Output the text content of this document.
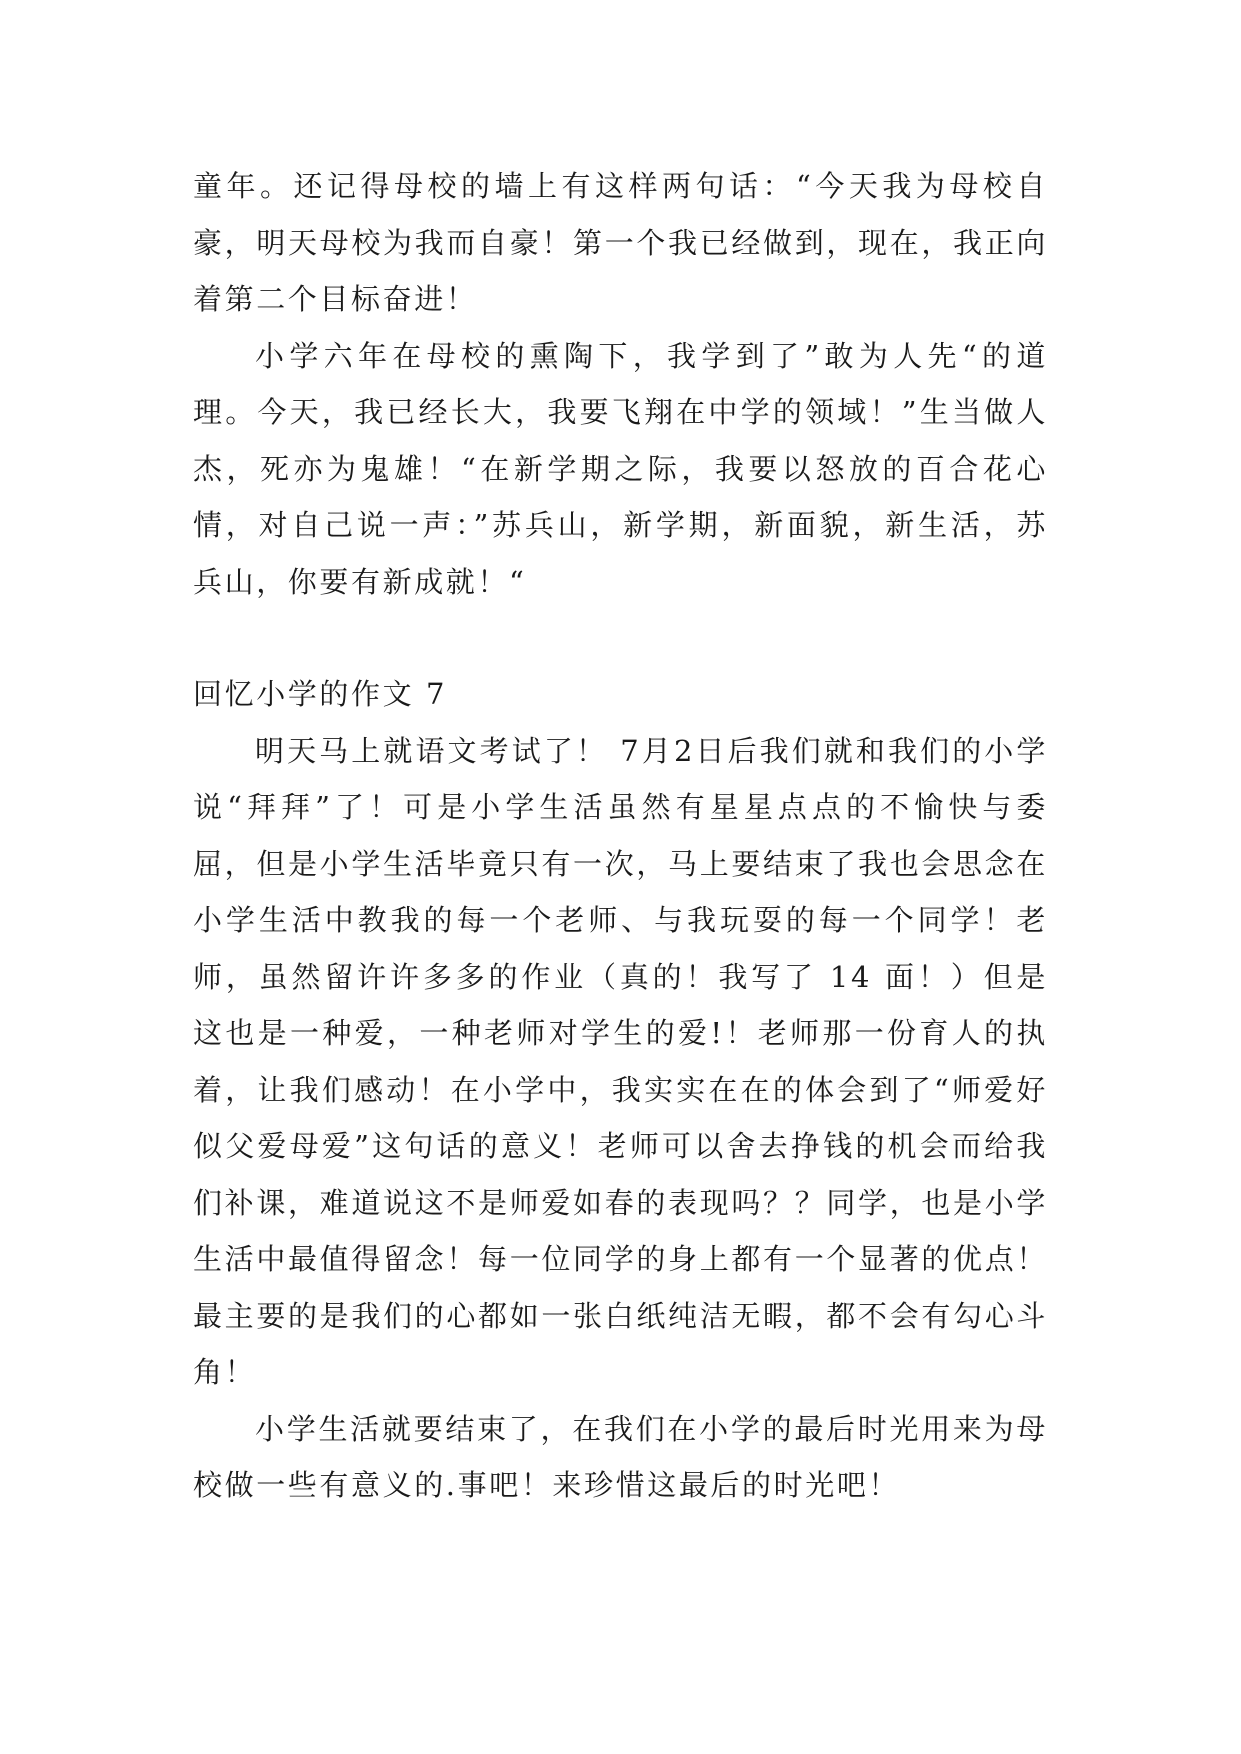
童年。还记得母校的墙上有这样两句话：“今天我为母校自豪，明天母校为我而自豪！第一个我已经做到，现在，我正向着第二个目标奋进！

小学六年在母校的熏陶下，我学到了”敢为人先“的道理。今天，我已经长大，我要飞翔在中学的领域！”生当做人杰，死亦为鬼雄！“在新学期之际，我要以怒放的百合花心情，对自己说一声：”苏兵山，新学期，新面貌，新生活，苏兵山，你要有新成就！“

回忆小学的作文 7

明天马上就语文考试了！ 7月2日后我们就和我们的小学说“拜拜”了！可是小学生活虽然有星星点点的不愉快与委屈，但是小学生活毕竟只有一次，马上要结束了我也会思念在小学生活中教我的每一个老师、与我玩耍的每一个同学！老师，虽然留许许多多的作业（真的！我写了 14 面！）但是这也是一种爱，一种老师对学生的爱!！老师那一份育人的执着，让我们感动！在小学中，我实实在在的体会到了“师爱好似父爱母爱”这句话的意义！老师可以舍去挣钱的机会而给我们补课，难道说这不是师爱如春的表现吗？？同学，也是小学生活中最值得留念！每一位同学的身上都有一个显著的优点！最主要的是我们的心都如一张白纸纯洁无暇，都不会有勾心斗角！

小学生活就要结束了，在我们在小学的最后时光用来为母校做一些有意义的.事吧！来珍惜这最后的时光吧！
